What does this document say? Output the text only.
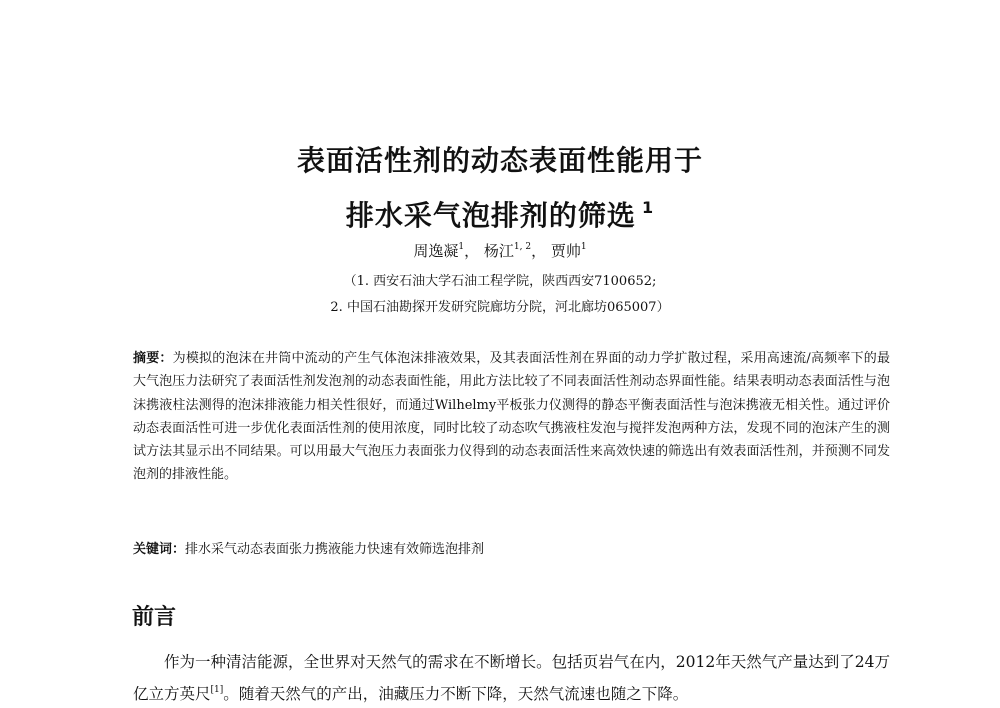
表面活性剂的动态表面性能用于
排水采气泡排剂的筛选 $^1$
周逸凝$^1$， 杨江$^{1, 2}$， 贾帅$^1$
（1. 西安石油大学石油工程学院，陕西西安7100652;
2. 中国石油勘探开发研究院廊坊分院，河北廊坊065007）
摘要：为模拟的泡沫在井筒中流动的产生气体泡沫排液效果，及其表面活性剂在界面的动力学扩散过程，采用高速流/高频率下的最大气泡压力法研究了表面活性剂发泡剂的动态表面性能，用此方法比较了不同表面活性剂动态界面性能。结果表明动态表面活性与泡沫携液柱法测得的泡沫排液能力相关性很好，而通过Wilhelmy平板张力仪测得的静态平衡表面活性与泡沫携液无相关性。通过评价动态表面活性可进一步优化表面活性剂的使用浓度，同时比较了动态吹气携液柱发泡与搅拌发泡两种方法，发现不同的泡沫产生的测试方法其显示出不同结果。可以用最大气泡压力表面张力仪得到的动态表面活性来高效快速的筛选出有效表面活性剂，并预测不同发泡剂的排液性能。
关键词：排水采气动态表面张力携液能力快速有效筛选泡排剂
前言
作为一种清洁能源，全世界对天然气的需求在不断增长。包括页岩气在内，2012年天然气产量达到了24万亿立方英尺[1]。随着天然气的产出，油藏压力不断下降，天然气流速也随之下降。
